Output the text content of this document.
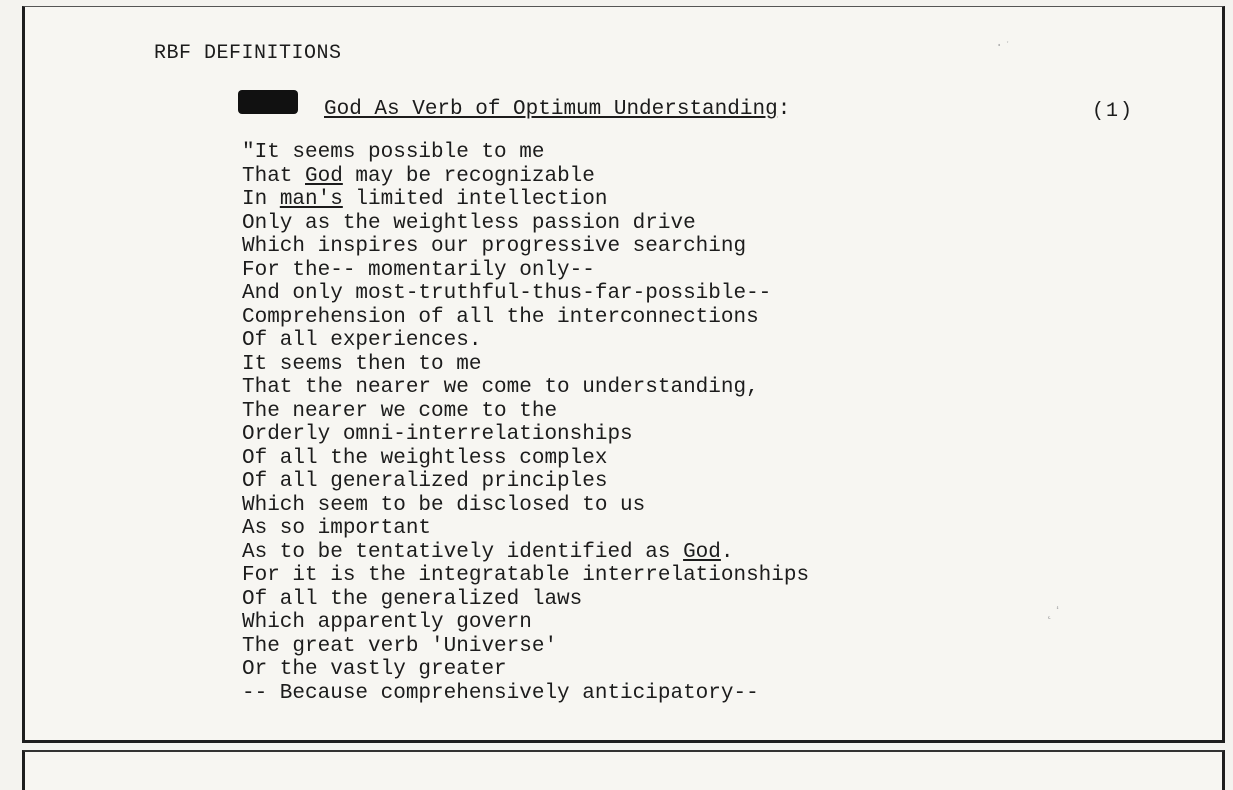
RBF DEFINITIONS
God As Verb of Optimum Understanding:	(1)
"It seems possible to me
That God may be recognizable
In man's limited intellection
Only as the weightless passion drive
Which inspires our progressive searching
For the-- momentarily only--
And only most-truthful-thus-far-possible--
Comprehension of all the interconnections
Of all experiences.
It seems then to me
That the nearer we come to understanding,
The nearer we come to the
Orderly omni-interrelationships
Of all the weightless complex
Of all generalized principles
Which seem to be disclosed to us
As so important
As to be tentatively identified as God.
For it is the integratable interrelationships
Of all the generalized laws
Which apparently govern
The great verb 'Universe'
Or the vastly greater
-- Because comprehensively anticipatory--
·ˑ
˛ʻ
